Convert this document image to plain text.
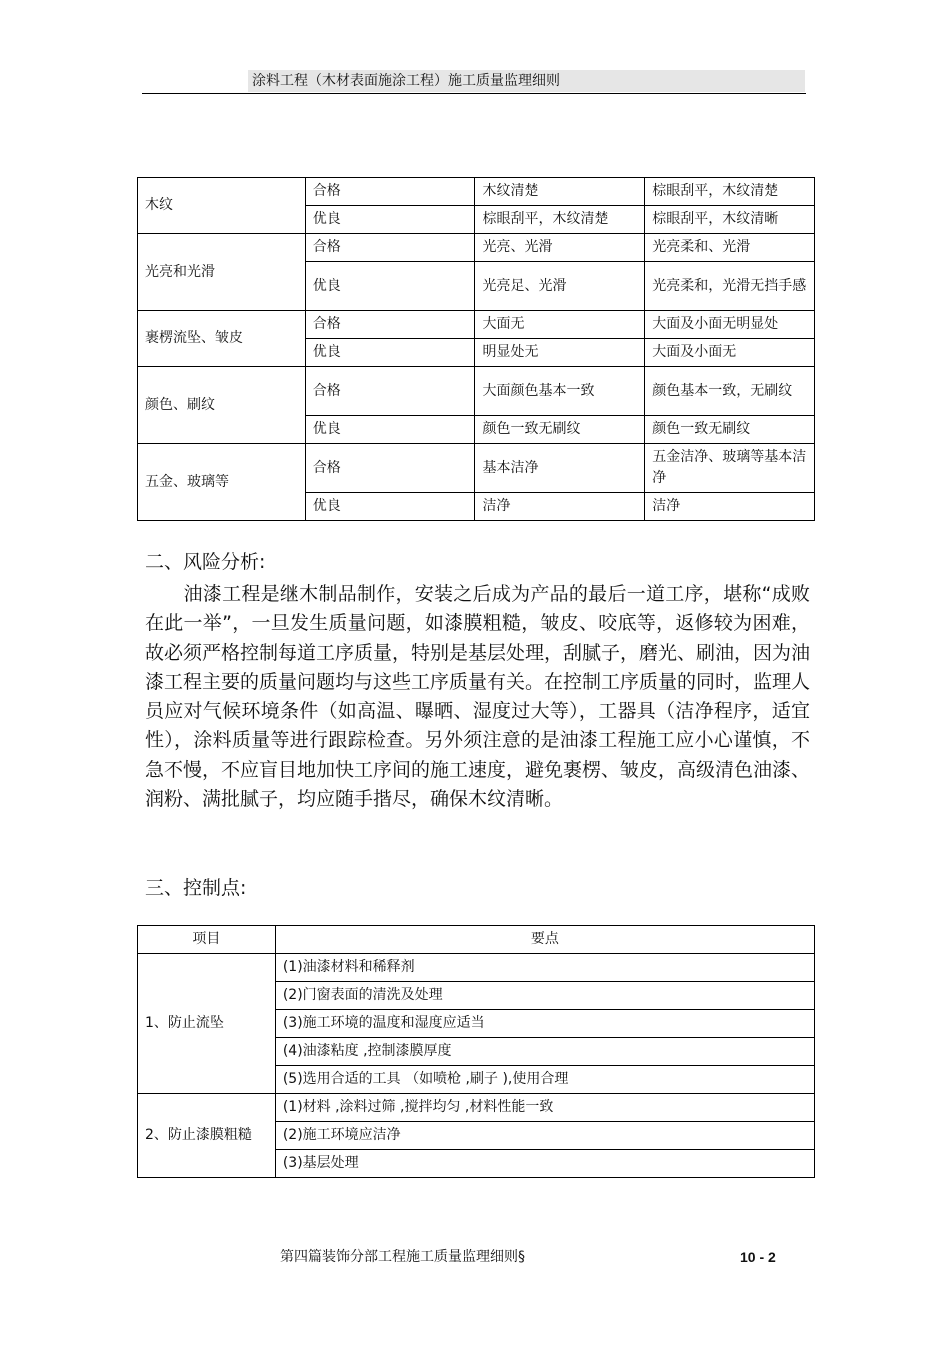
涂料工程（木材表面施涂工程）施工质量监理细则
木纹	合格	木纹清楚	棕眼刮平，木纹清楚
	优良	棕眼刮平，木纹清楚	棕眼刮平，木纹清晰
光亮和光滑	合格	光亮、光滑	光亮柔和、光滑
	优良	光亮足、光滑	光亮柔和，光滑无挡手感
裹楞流坠、皱皮	合格	大面无	大面及小面无明显处
	优良	明显处无	大面及小面无
颜色、刷纹	合格	大面颜色基本一致	颜色基本一致，无刷纹
	优良	颜色一致无刷纹	颜色一致无刷纹
五金、玻璃等	合格	基本洁净	五金洁净、玻璃等基本洁净
	优良	洁净	洁净
二、风险分析:

　　油漆工程是继木制品制作，安装之后成为产品的最后一道工序，堪称“成败在此一举”，一旦发生质量问题，如漆膜粗糙，皱皮、咬底等，返修较为困难，故必须严格控制每道工序质量，特别是基层处理，刮腻子，磨光、刷油，因为油漆工程主要的质量问题均与这些工序质量有关。在控制工序质量的同时，监理人员应对气候环境条件（如高温、曝晒、湿度过大等），工器具（洁净程序，适宜性），涂料质量等进行跟踪检查。另外须注意的是油漆工程施工应小心谨慎，不急不慢，不应盲目地加快工序间的施工速度，避免裹楞、皱皮，高级清色油漆、润粉、满批腻子，均应随手揩尽，确保木纹清晰。

三、控制点:
项目	要点
1、防止流坠	(1)油漆材料和稀释剂
	(2)门窗表面的清洗及处理
	(3)施工环境的温度和湿度应适当
	(4)油漆粘度 ,控制漆膜厚度
	(5)选用合适的工具 （如喷枪 ,刷子 ),使用合理
2、防止漆膜粗糙	(1)材料 ,涂料过筛 ,搅拌均匀 ,材料性能一致
	(2)施工环境应洁净
	(3)基层处理
第四篇装饰分部工程施工质量监理细则§	10 - 2
